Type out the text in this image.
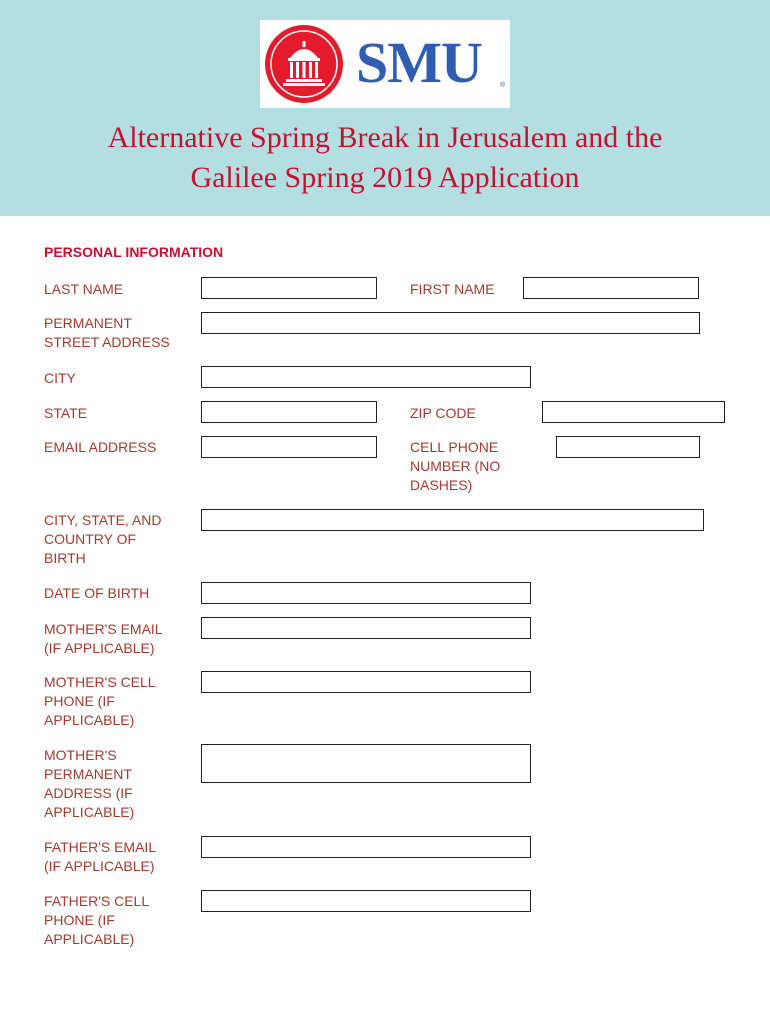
SMU	®
Alternative Spring Break in Jerusalem and the
Galilee Spring 2019 Application
PERSONAL INFORMATION
LAST NAME	FIRST NAME
PERMANENT
STREET ADDRESS
CITY
STATE	ZIP CODE
EMAIL ADDRESS	CELL PHONE
NUMBER (NO
DASHES)
CITY, STATE, AND
COUNTRY OF
BIRTH
DATE OF BIRTH
MOTHER'S EMAIL
(IF APPLICABLE)
MOTHER'S CELL
PHONE (IF
APPLICABLE)
MOTHER'S
PERMANENT
ADDRESS (IF
APPLICABLE)
FATHER'S EMAIL
(IF APPLICABLE)
FATHER'S CELL
PHONE (IF
APPLICABLE)
